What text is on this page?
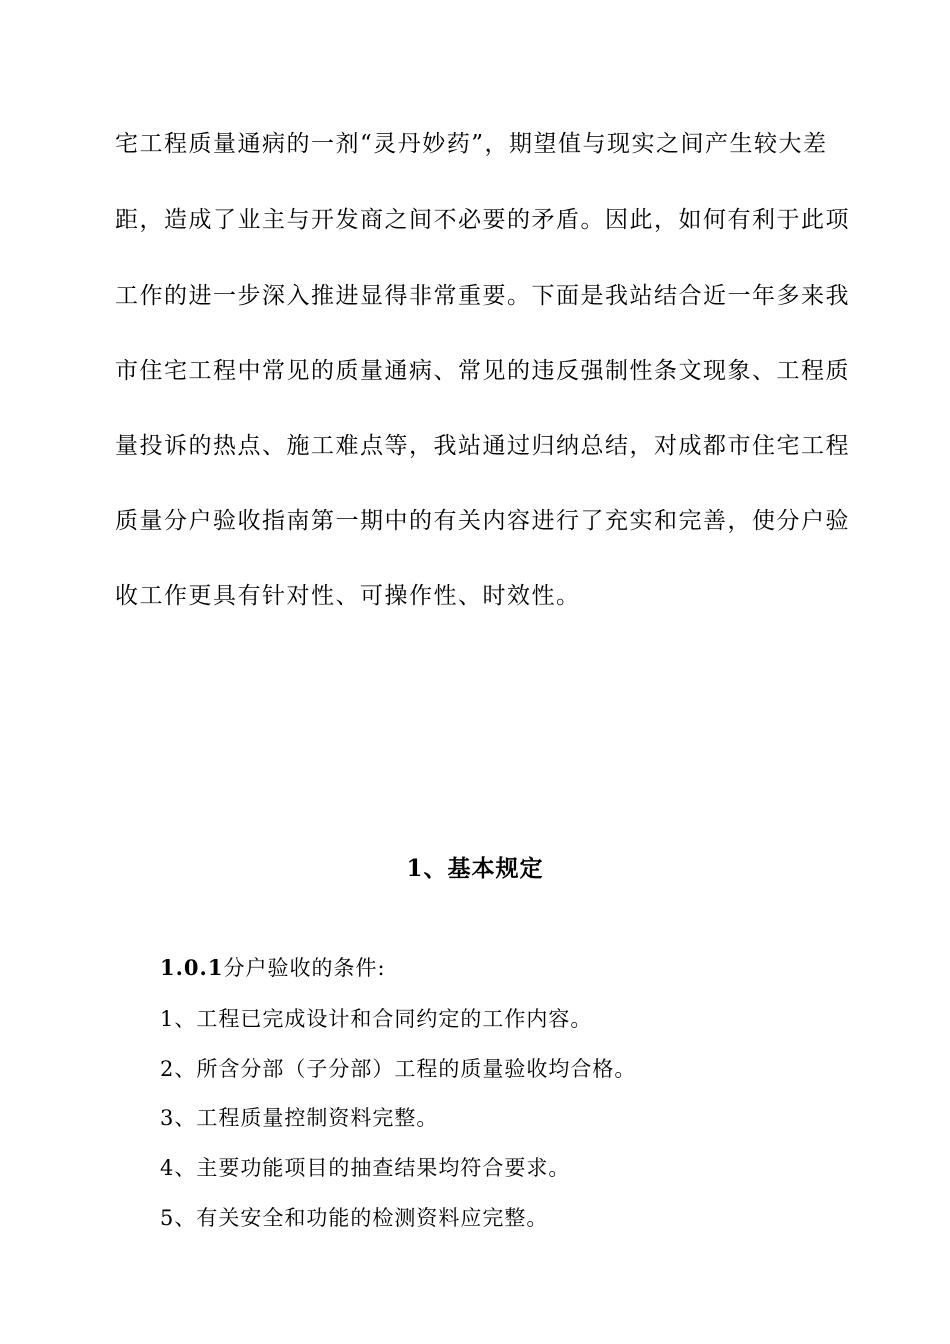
宅工程质量通病的一剂“灵丹妙药”，期望值与现实之间产生较大差
距，造成了业主与开发商之间不必要的矛盾。因此，如何有利于此项
工作的进一步深入推进显得非常重要。下面是我站结合近一年多来我
市住宅工程中常见的质量通病、常见的违反强制性条文现象、工程质
量投诉的热点、施工难点等，我站通过归纳总结，对成都市住宅工程
质量分户验收指南第一期中的有关内容进行了充实和完善，使分户验
收工作更具有针对性、可操作性、时效性。
1、基本规定
1.0.1分户验收的条件:
1、工程已完成设计和合同约定的工作内容。
2、所含分部（子分部）工程的质量验收均合格。
3、工程质量控制资料完整。
4、主要功能项目的抽查结果均符合要求。
5、有关安全和功能的检测资料应完整。
